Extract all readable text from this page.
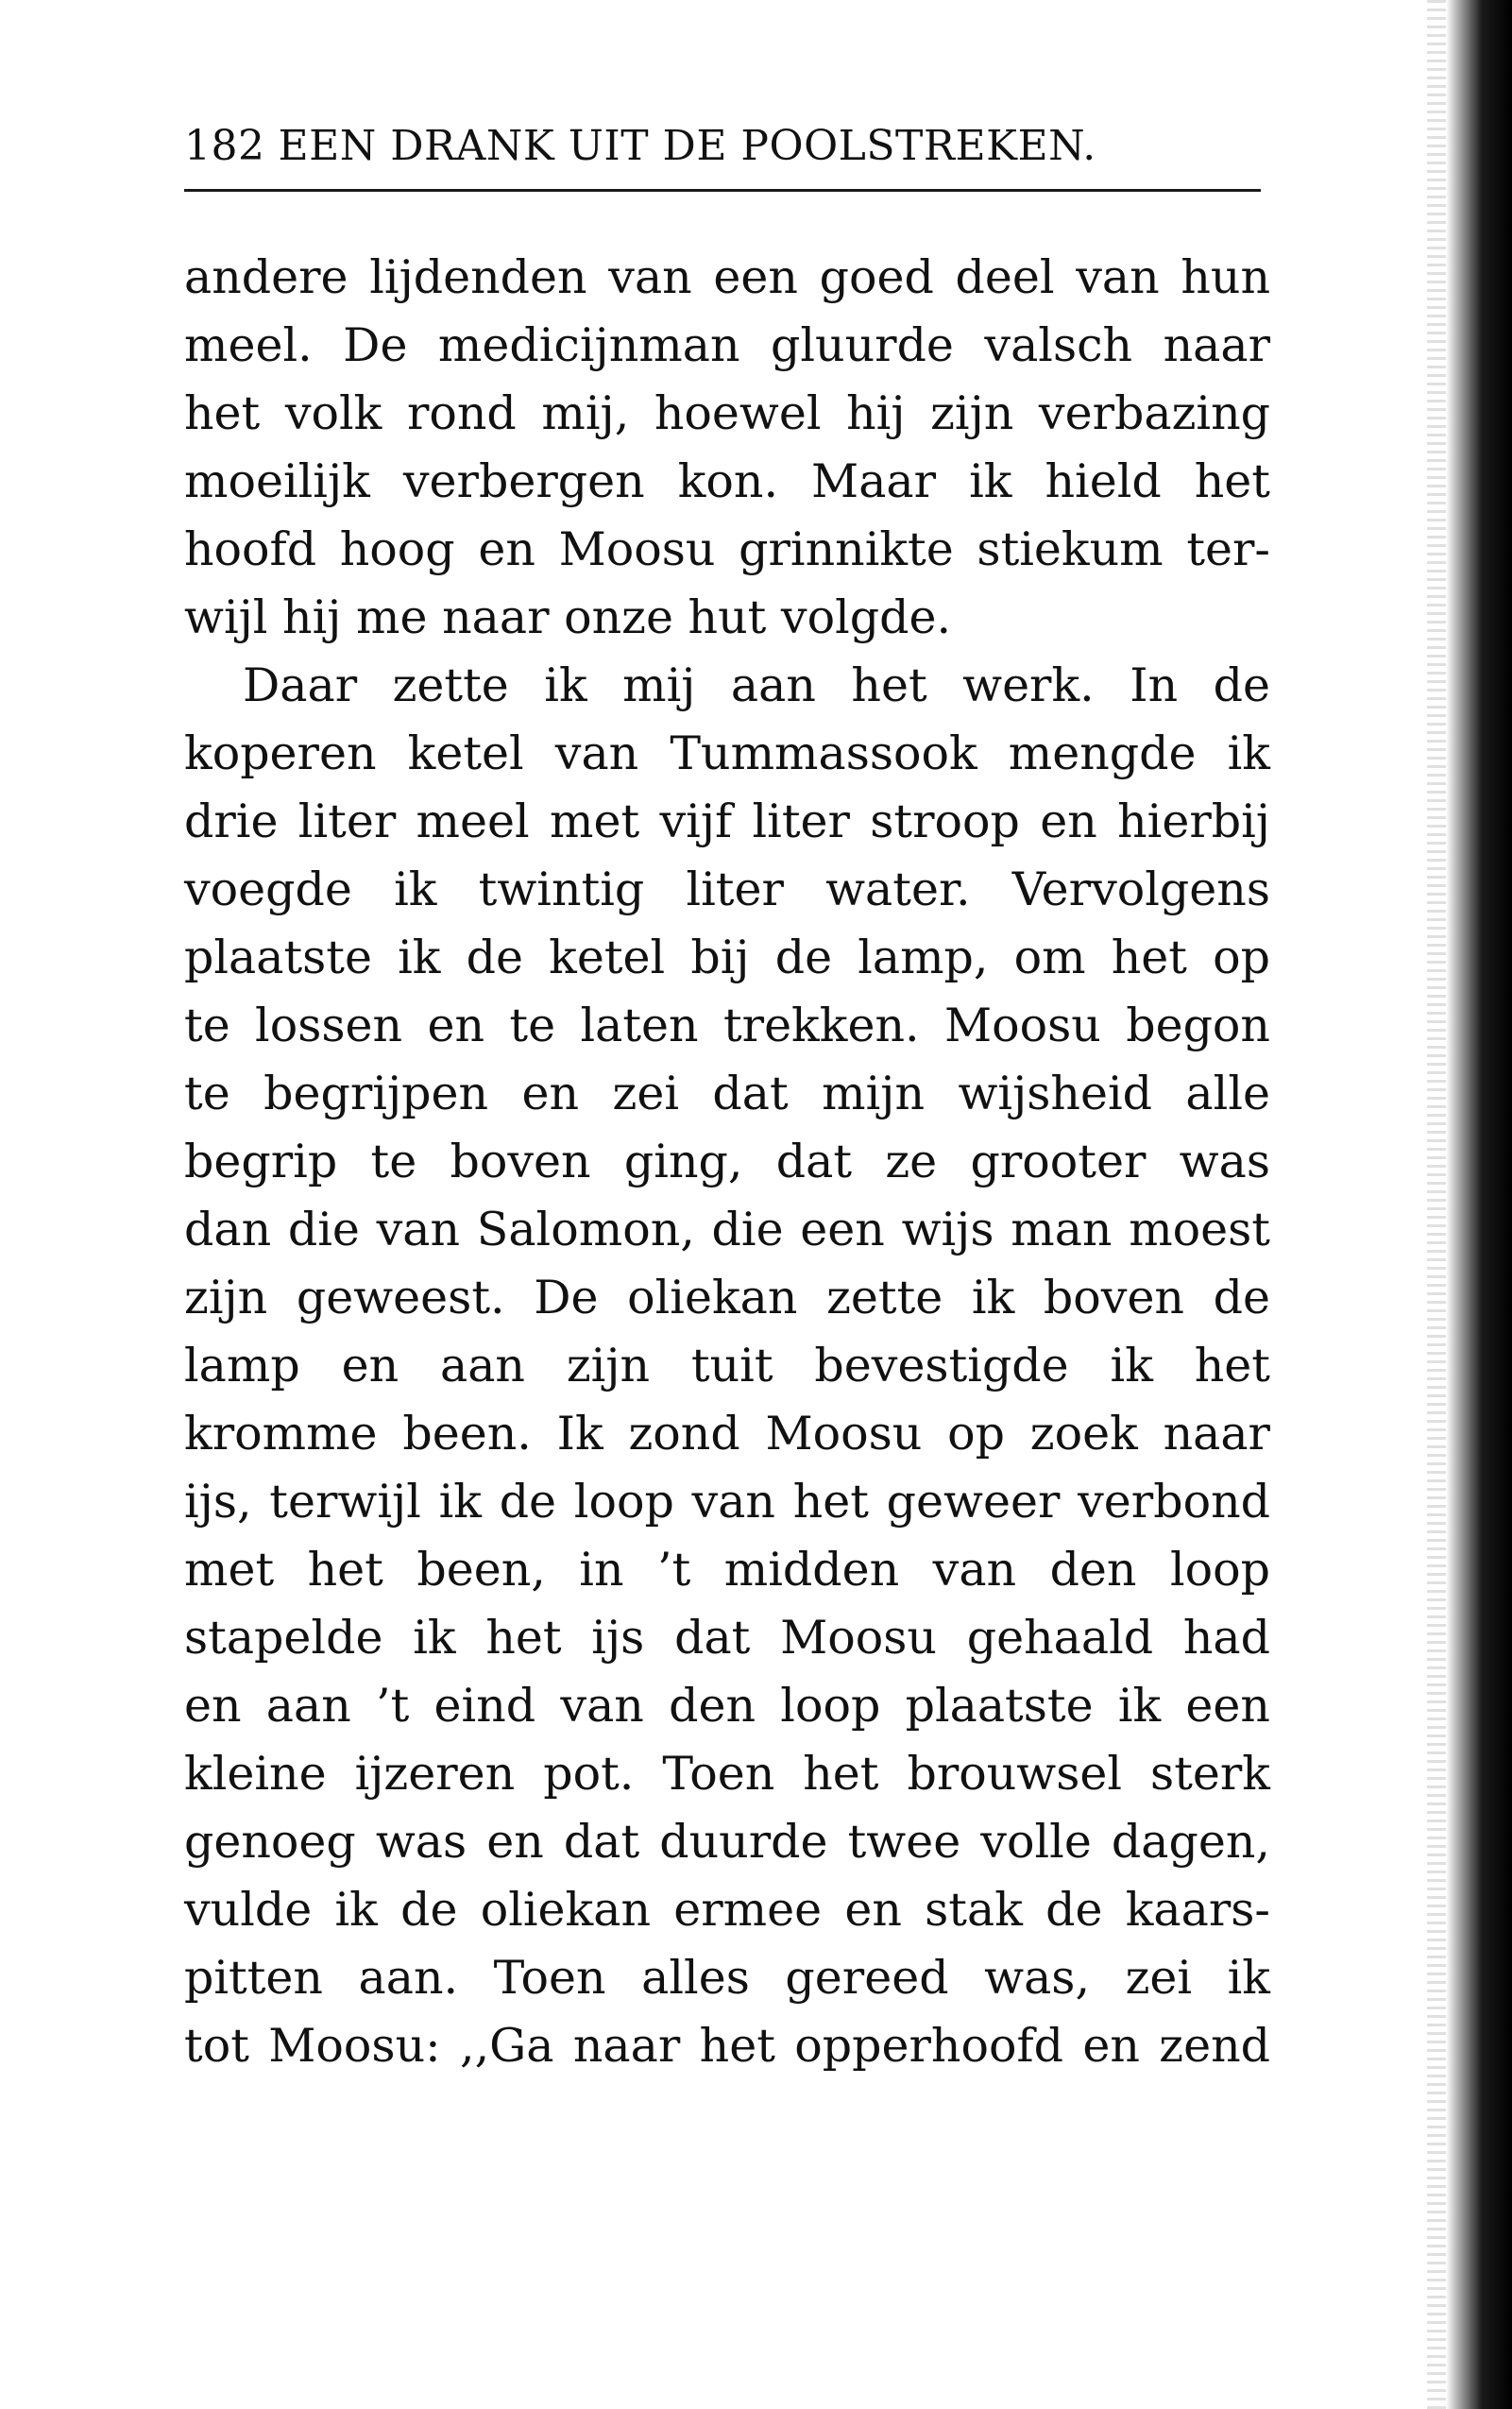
182 EEN DRANK UIT DE POOLSTREKEN.
andere lijdenden van een goed deel van hun
meel. De medicijnman gluurde valsch naar
het volk rond mij, hoewel hij zijn verbazing
moeilijk verbergen kon. Maar ik hield het
hoofd hoog en Moosu grinnikte stiekum ter-
wijl hij me naar onze hut volgde.
Daar zette ik mij aan het werk. In de
koperen ketel van Tummassook mengde ik
drie liter meel met vijf liter stroop en hierbij
voegde ik twintig liter water. Vervolgens
plaatste ik de ketel bij de lamp, om het op
te lossen en te laten trekken. Moosu begon
te begrijpen en zei dat mijn wijsheid alle
begrip te boven ging, dat ze grooter was
dan die van Salomon, die een wijs man moest
zijn geweest. De oliekan zette ik boven de
lamp en aan zijn tuit bevestigde ik het
kromme been. Ik zond Moosu op zoek naar
ijs, terwijl ik de loop van het geweer verbond
met het been, in ’t midden van den loop
stapelde ik het ijs dat Moosu gehaald had
en aan ’t eind van den loop plaatste ik een
kleine ijzeren pot. Toen het brouwsel sterk
genoeg was en dat duurde twee volle dagen,
vulde ik de oliekan ermee en stak de kaars-
pitten aan. Toen alles gereed was, zei ik
tot Moosu: ,,Ga naar het opperhoofd en zend
